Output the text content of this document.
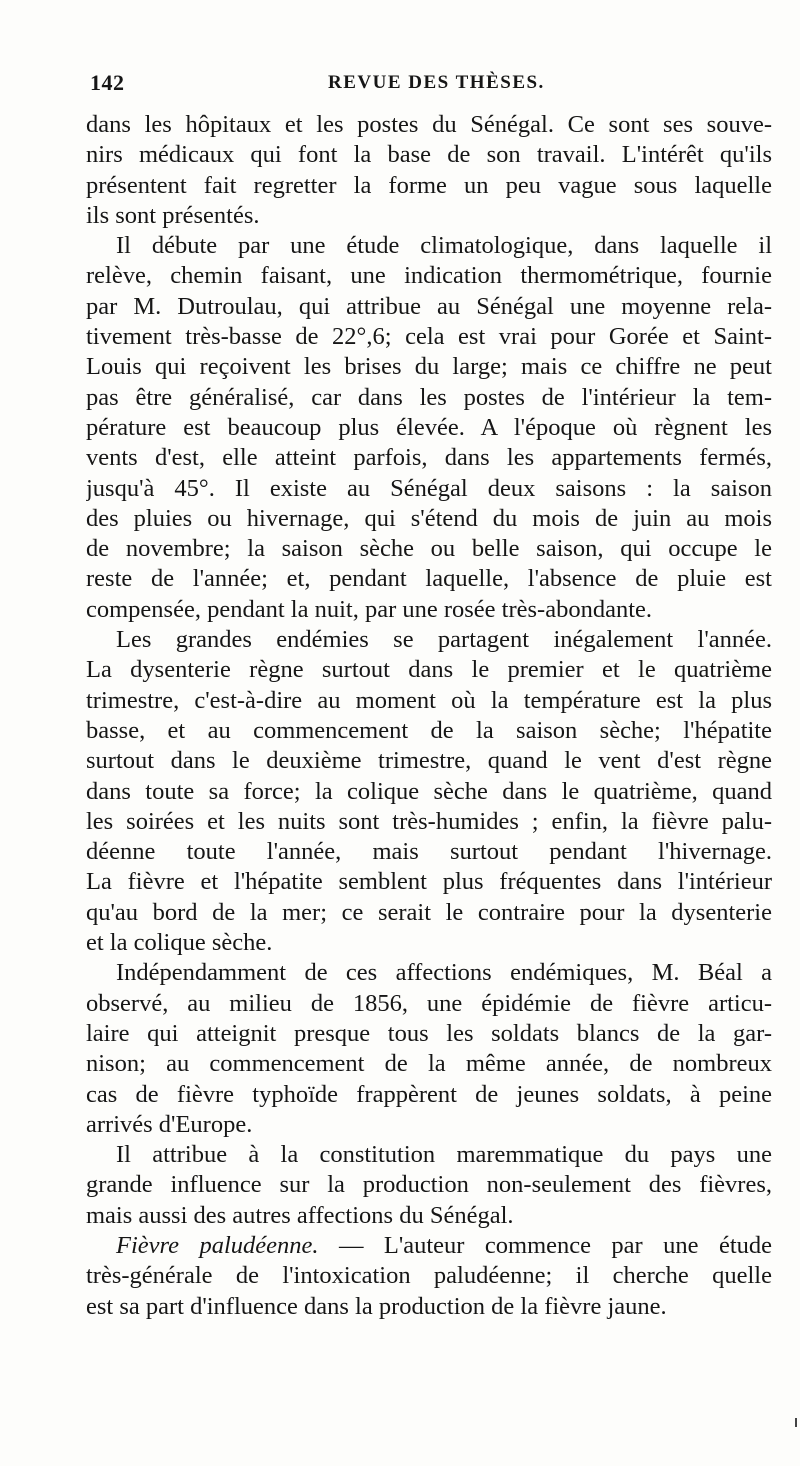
142	REVUE DES THÈSES.
dans les hôpitaux et les postes du Sénégal. Ce sont ses souve-
nirs médicaux qui font la base de son travail. L'intérêt qu'ils
présentent fait regretter la forme un peu vague sous laquelle
ils sont présentés.
Il débute par une étude climatologique, dans laquelle il
relève, chemin faisant, une indication thermométrique, fournie
par M. Dutroulau, qui attribue au Sénégal une moyenne rela-
tivement très-basse de 22°,6; cela est vrai pour Gorée et Saint-
Louis qui reçoivent les brises du large; mais ce chiffre ne peut
pas être généralisé, car dans les postes de l'intérieur la tem-
pérature est beaucoup plus élevée. A l'époque où règnent les
vents d'est, elle atteint parfois, dans les appartements fermés,
jusqu'à 45°. Il existe au Sénégal deux saisons : la saison
des pluies ou hivernage, qui s'étend du mois de juin au mois
de novembre; la saison sèche ou belle saison, qui occupe le
reste de l'année; et, pendant laquelle, l'absence de pluie est
compensée, pendant la nuit, par une rosée très-abondante.
Les grandes endémies se partagent inégalement l'année.
La dysenterie règne surtout dans le premier et le quatrième
trimestre, c'est-à-dire au moment où la température est la plus
basse, et au commencement de la saison sèche; l'hépatite
surtout dans le deuxième trimestre, quand le vent d'est règne
dans toute sa force; la colique sèche dans le quatrième, quand
les soirées et les nuits sont très-humides ; enfin, la fièvre palu-
déenne toute l'année, mais surtout pendant l'hivernage.
La fièvre et l'hépatite semblent plus fréquentes dans l'intérieur
qu'au bord de la mer; ce serait le contraire pour la dysenterie
et la colique sèche.
Indépendamment de ces affections endémiques, M. Béal a
observé, au milieu de 1856, une épidémie de fièvre articu-
laire qui atteignit presque tous les soldats blancs de la gar-
nison; au commencement de la même année, de nombreux
cas de fièvre typhoïde frappèrent de jeunes soldats, à peine
arrivés d'Europe.
Il attribue à la constitution maremmatique du pays une
grande influence sur la production non-seulement des fièvres,
mais aussi des autres affections du Sénégal.
Fièvre paludéenne. — L'auteur commence par une étude
très-générale de l'intoxication paludéenne; il cherche quelle
est sa part d'influence dans la production de la fièvre jaune.
